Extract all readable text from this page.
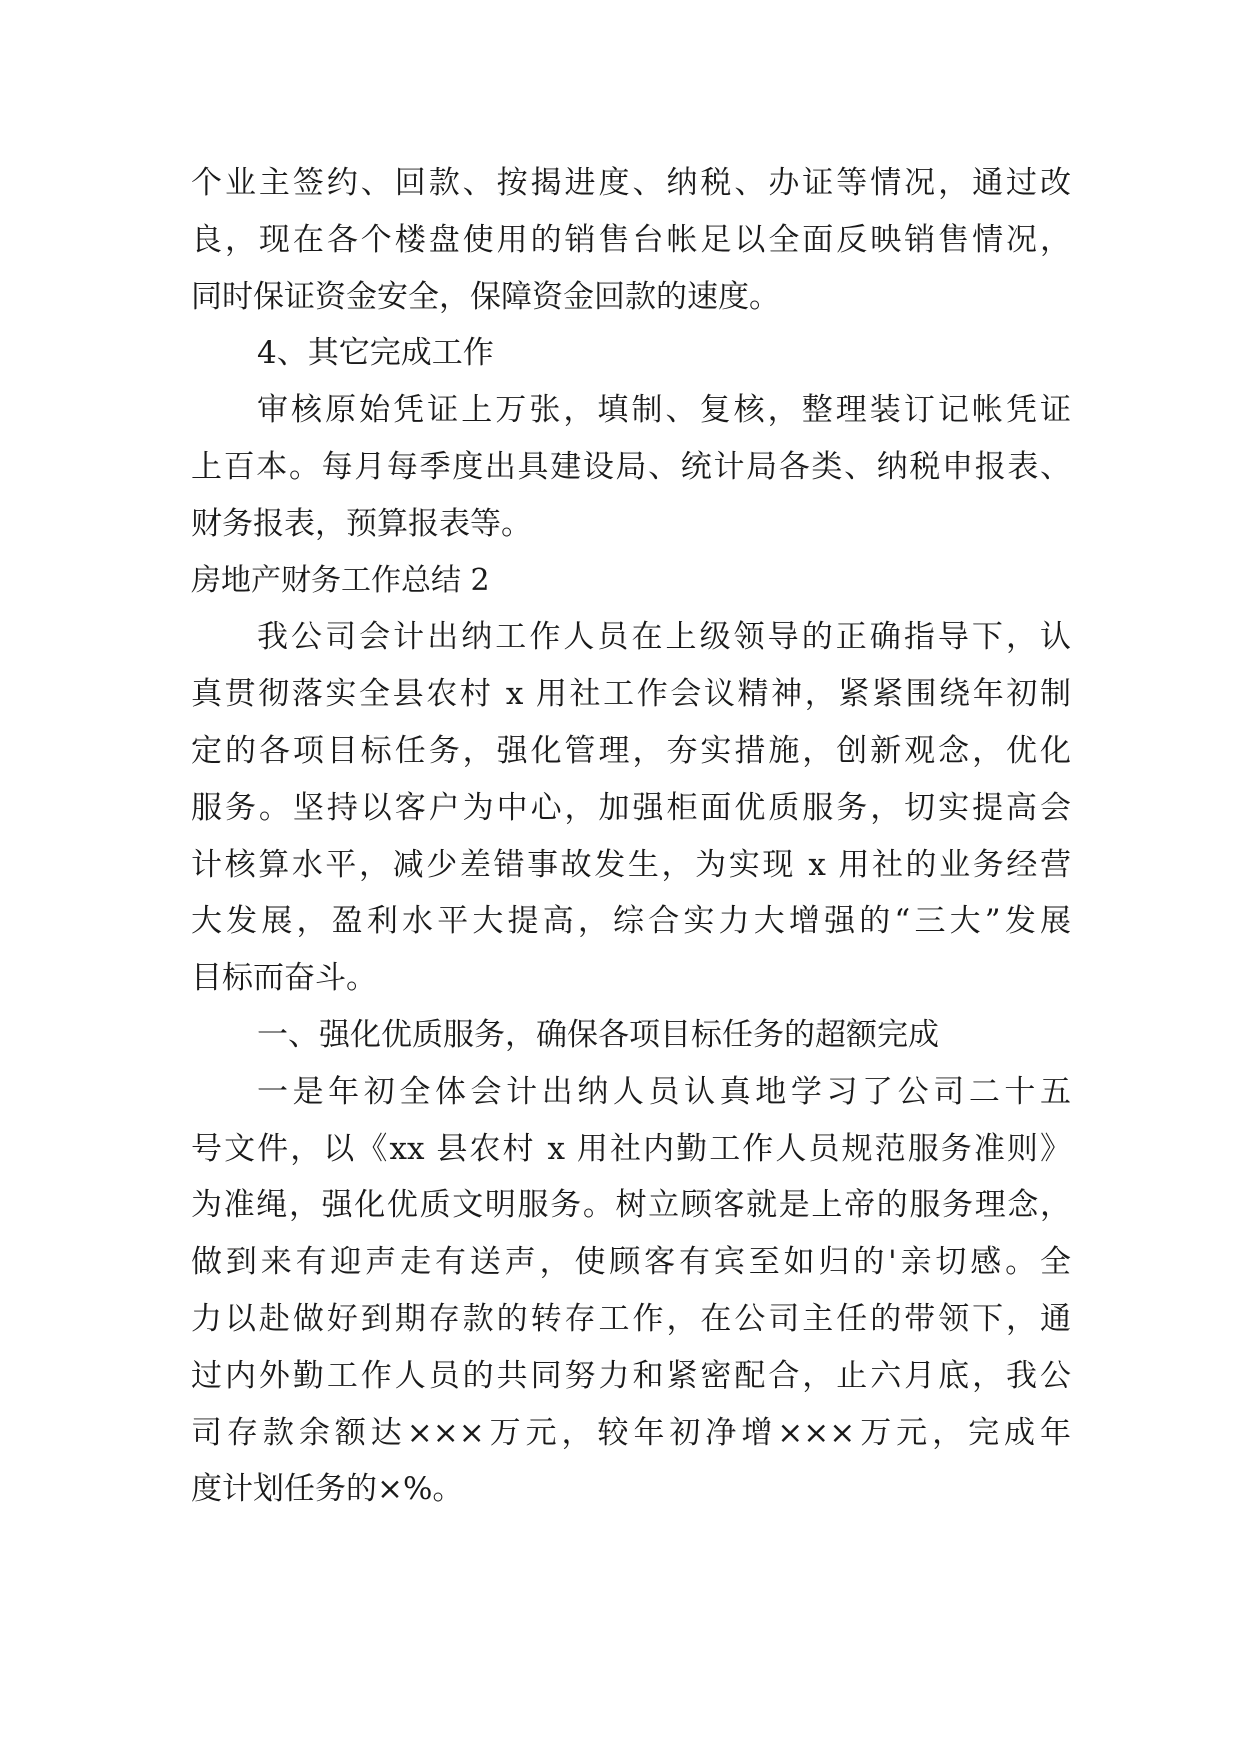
个业主签约、回款、按揭进度、纳税、办证等情况，通过改
良，现在各个楼盘使用的销售台帐足以全面反映销售情况，
同时保证资金安全，保障资金回款的速度。
4、其它完成工作
审核原始凭证上万张，填制、复核，整理装订记帐凭证
上百本。每月每季度出具建设局、统计局各类、纳税申报表、
财务报表，预算报表等。
房地产财务工作总结 2
我公司会计出纳工作人员在上级领导的正确指导下，认
真贯彻落实全县农村 x 用社工作会议精神，紧紧围绕年初制
定的各项目标任务，强化管理，夯实措施，创新观念，优化
服务。坚持以客户为中心，加强柜面优质服务，切实提高会
计核算水平，减少差错事故发生，为实现 x 用社的业务经营
大发展，盈利水平大提高，综合实力大增强的“三大”发展
目标而奋斗。
一、强化优质服务，确保各项目标任务的超额完成
一是年初全体会计出纳人员认真地学习了公司二十五
号文件，以《xx 县农村 x 用社内勤工作人员规范服务准则》
为准绳，强化优质文明服务。树立顾客就是上帝的服务理念，
做到来有迎声走有送声，使顾客有宾至如归的'亲切感。全
力以赴做好到期存款的转存工作，在公司主任的带领下，通
过内外勤工作人员的共同努力和紧密配合，止六月底，我公
司存款余额达×××万元，较年初净增×××万元，完成年
度计划任务的×%。
